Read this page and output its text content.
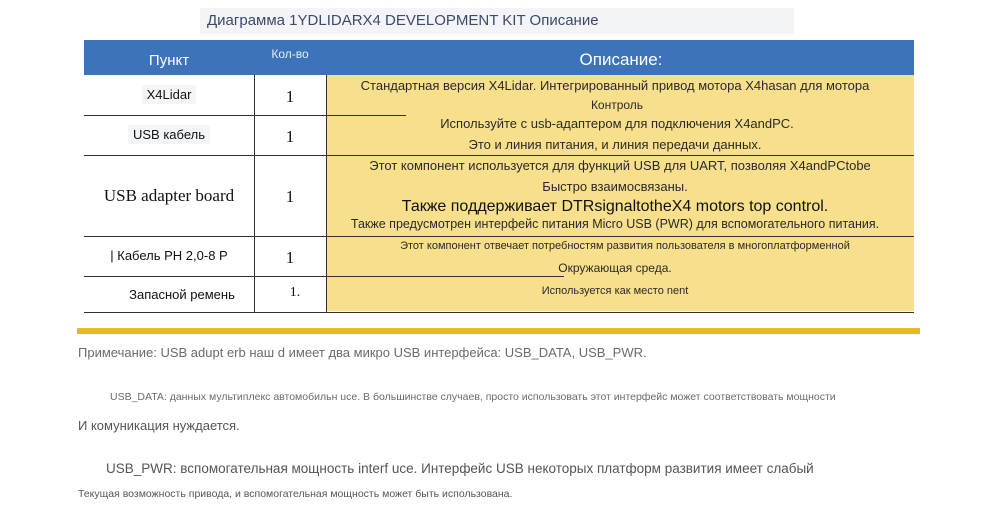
Диаграмма 1YDLIDARX4 DEVELOPMENT KIT Описание
Пункт	Кол-во	Описание:
X4Lidar
USB кабель
USB adapter board
| Кабель PH 2,0-8 P
Запасной ремень
1
1
1
1
1.
Стандартная версия X4Lidar. Интегрированный привод мотора X4hasan для мотора
Контроль
Используйте с usb-адаптером для подключения X4andPC.
Это и линия питания, и линия передачи данных.
Этот компонент используется для функций USB для UART, позволяя X4andPCtobe
Быстро взаимосвязаны.
Также поддерживает DTRsignaltotheX4 motors top control.
Также предусмотрен интерфейс питания Micro USB (PWR) для вспомогательного питания.
Этот компонент отвечает потребностям развития пользователя в многоплатформенной
Окружающая среда.
Используется как место nent
Примечание: USB adupt erb наш d имеет два микро USB интерфейса: USB_DATA, USB_PWR.
USB_DATA: данных мультиплекс автомобильн uce. В большинстве случаев, просто использовать этот интерфейс может соответствовать мощности
И комуникация нуждается.
USB_PWR: вспомогательная мощность interf uce. Интерфейс USB некоторых платформ развития имеет слабый
Текущая возможность привода, и вспомогательная мощность может быть использована.
